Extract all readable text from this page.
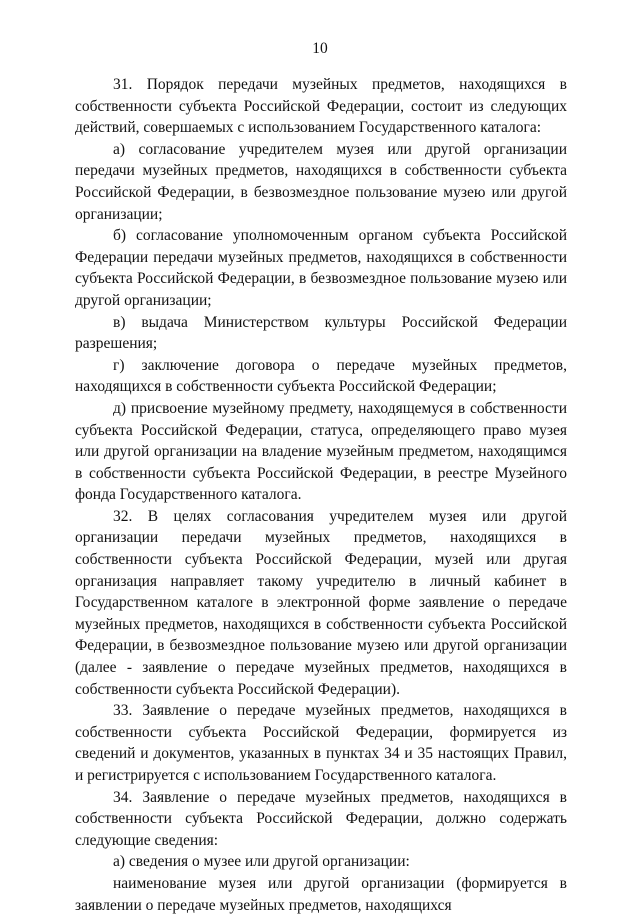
10

31. Порядок передачи музейных предметов, находящихся в собственности субъекта Российской Федерации, состоит из следующих действий, совершаемых с использованием Государственного каталога:

а) согласование учредителем музея или другой организации передачи музейных предметов, находящихся в собственности субъекта Российской Федерации, в безвозмездное пользование музею или другой организации;

б) согласование уполномоченным органом субъекта Российской Федерации передачи музейных предметов, находящихся в собственности субъекта Российской Федерации, в безвозмездное пользование музею или другой организации;

в) выдача Министерством культуры Российской Федерации разрешения;

г) заключение договора о передаче музейных предметов, находящихся в собственности субъекта Российской Федерации;

д) присвоение музейному предмету, находящемуся в собственности субъекта Российской Федерации, статуса, определяющего право музея или другой организации на владение музейным предметом, находящимся в собственности субъекта Российской Федерации, в реестре Музейного фонда Государственного каталога.

32. В целях согласования учредителем музея или другой организации передачи музейных предметов, находящихся в собственности субъекта Российской Федерации, музей или другая организация направляет такому учредителю в личный кабинет в Государственном каталоге в электронной форме заявление о передаче музейных предметов, находящихся в собственности субъекта Российской Федерации, в безвозмездное пользование музею или другой организации (далее - заявление о передаче музейных предметов, находящихся в собственности субъекта Российской Федерации).

33. Заявление о передаче музейных предметов, находящихся в собственности субъекта Российской Федерации, формируется из сведений и документов, указанных в пунктах 34 и 35 настоящих Правил, и регистрируется с использованием Государственного каталога.

34. Заявление о передаче музейных предметов, находящихся в собственности субъекта Российской Федерации, должно содержать следующие сведения:

а) сведения о музее или другой организации:

наименование музея или другой организации (формируется в заявлении о передаче музейных предметов, находящихся
